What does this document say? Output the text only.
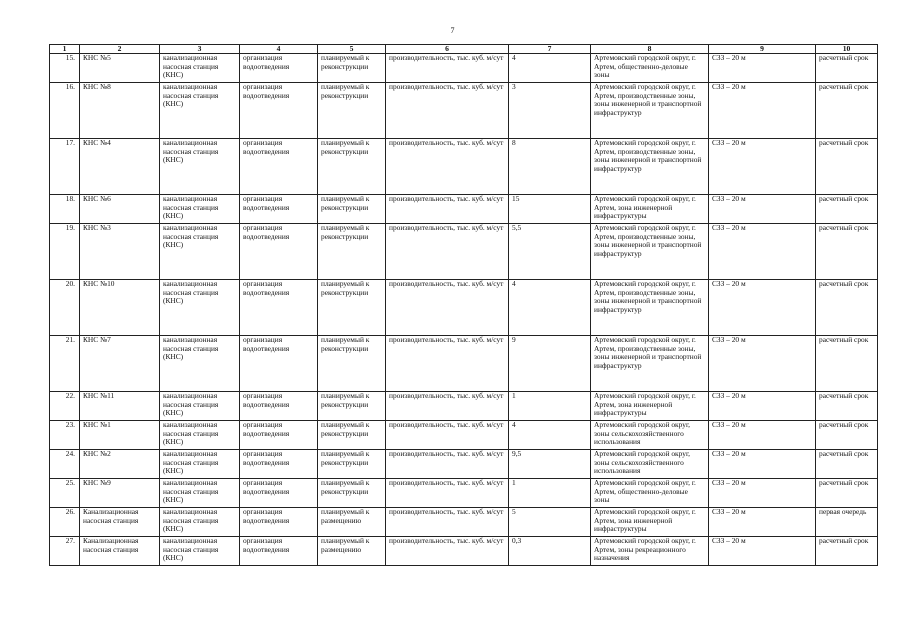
7
1	2	3	4	5	6	7	8	9	10
15.	КНС №5	канализационная насосная станция (КНС)	организация водоотведения	планируемый к реконструкции	производительность, тыс. куб. м/сут	4	Артемовский городской округ, г. Артем, общественно-деловые зоны	СЗЗ – 20 м	расчетный срок
16.	КНС №8	канализационная насосная станция (КНС)	организация водоотведения	планируемый к реконструкции	производительность, тыс. куб. м/сут	3	Артемовский городской округ, г. Артем, производственные зоны, зоны инженерной и транспортной инфраструктур	СЗЗ – 20 м	расчетный срок
17.	КНС №4	канализационная насосная станция (КНС)	организация водоотведения	планируемый к реконструкции	производительность, тыс. куб. м/сут	8	Артемовский городской округ, г. Артем, производственные зоны, зоны инженерной и транспортной инфраструктур	СЗЗ – 20 м	расчетный срок
18.	КНС №6	канализационная насосная станция (КНС)	организация водоотведения	планируемый к реконструкции	производительность, тыс. куб. м/сут	15	Артемовский городской округ, г. Артем, зона инженерной инфраструктуры	СЗЗ – 20 м	расчетный срок
19.	КНС №3	канализационная насосная станция (КНС)	организация водоотведения	планируемый к реконструкции	производительность, тыс. куб. м/сут	5,5	Артемовский городской округ, г. Артем, производственные зоны, зоны инженерной и транспортной инфраструктур	СЗЗ – 20 м	расчетный срок
20.	КНС №10	канализационная насосная станция (КНС)	организация водоотведения	планируемый к реконструкции	производительность, тыс. куб. м/сут	4	Артемовский городской округ, г. Артем, производственные зоны, зоны инженерной и транспортной инфраструктур	СЗЗ – 20 м	расчетный срок
21.	КНС №7	канализационная насосная станция (КНС)	организация водоотведения	планируемый к реконструкции	производительность, тыс. куб. м/сут	9	Артемовский городской округ, г. Артем, производственные зоны, зоны инженерной и транспортной инфраструктур	СЗЗ – 20 м	расчетный срок
22.	КНС №11	канализационная насосная станция (КНС)	организация водоотведения	планируемый к реконструкции	производительность, тыс. куб. м/сут	1	Артемовский городской округ, г. Артем, зона инженерной инфраструктуры	СЗЗ – 20 м	расчетный срок
23.	КНС №1	канализационная насосная станция (КНС)	организация водоотведения	планируемый к реконструкции	производительность, тыс. куб. м/сут	4	Артемовский городской округ, зоны сельскохозяйственного использования	СЗЗ – 20 м	расчетный срок
24.	КНС №2	канализационная насосная станция (КНС)	организация водоотведения	планируемый к реконструкции	производительность, тыс. куб. м/сут	9,5	Артемовский городской округ, зоны сельскохозяйственного использования	СЗЗ – 20 м	расчетный срок
25.	КНС №9	канализационная насосная станция (КНС)	организация водоотведения	планируемый к реконструкции	производительность, тыс. куб. м/сут	1	Артемовский городской округ, г. Артем, общественно-деловые зоны	СЗЗ – 20 м	расчетный срок
26.	Канализационная насосная станция	канализационная насосная станция (КНС)	организация водоотведения	планируемый к размещению	производительность, тыс. куб. м/сут	5	Артемовский городской округ, г. Артем, зона инженерной инфраструктуры	СЗЗ – 20 м	первая очередь
27.	Канализационная насосная станция	канализационная насосная станция (КНС)	организация водоотведения	планируемый к размещению	производительность, тыс. куб. м/сут	0,3	Артемовский городской округ, г. Артем, зоны рекреационного назначения	СЗЗ – 20 м	расчетный срок
